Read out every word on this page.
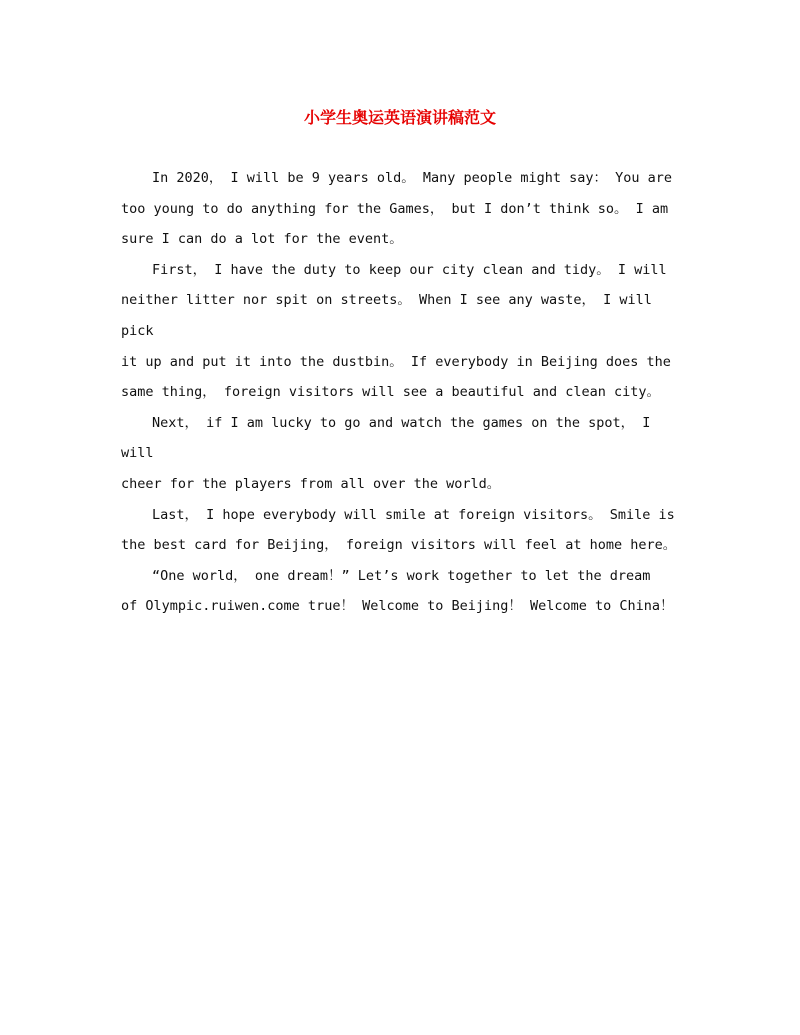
小学生奥运英语演讲稿范文

In 2020， I will be 9 years old。 Many people might say： You are
too young to do anything for the Games， but I don’t think so。 I am
sure I can do a lot for the event。

First， I have the duty to keep our city clean and tidy。 I will
neither litter nor spit on streets。 When I see any waste， I will pick
it up and put it into the dustbin。 If everybody in Beijing does the
same thing， foreign visitors will see a beautiful and clean city。

Next， if I am lucky to go and watch the games on the spot， I will
cheer for the players from all over the world。

Last， I hope everybody will smile at foreign visitors。 Smile is
the best card for Beijing， foreign visitors will feel at home here。

“One world， one dream！” Let’s work together to let the dream
of Olympic.ruiwen.come true！ Welcome to Beijing！ Welcome to China！
